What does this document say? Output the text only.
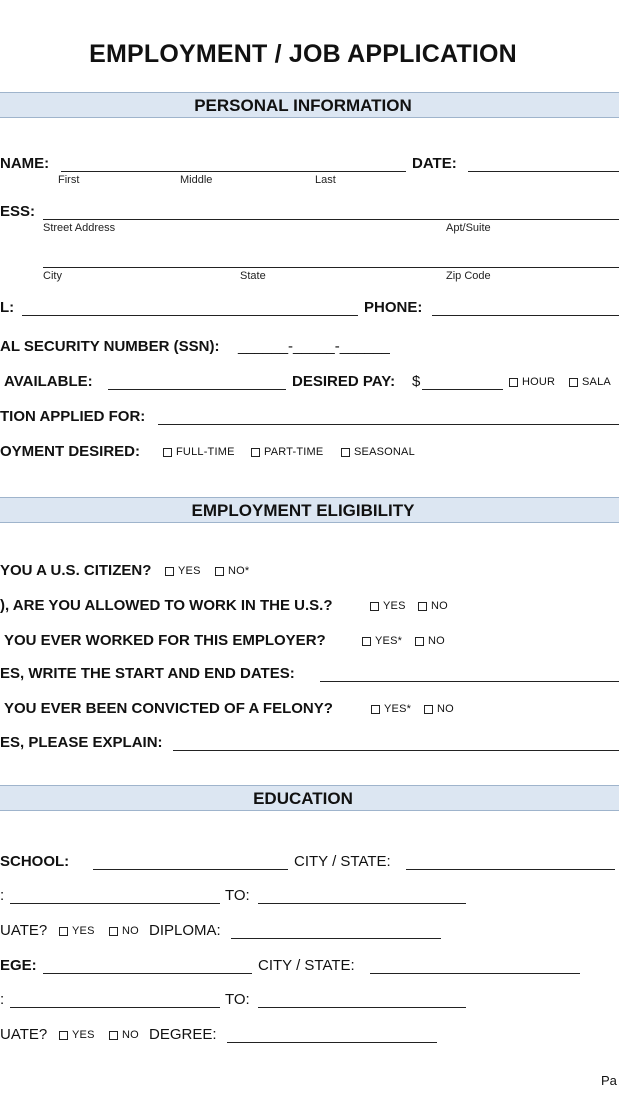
EMPLOYMENT / JOB APPLICATION
PERSONAL INFORMATION
NAME:
First	Middle	Last
DATE:
ESS:
Street Address	Apt/Suite
City	State	Zip Code
L:	PHONE:
AL SECURITY NUMBER (SSN): ______-_____-______
AVAILABLE:	DESIRED PAY: $	HOUR SALA
TION APPLIED FOR:
OYMENT DESIRED:	FULL-TIME	PART-TIME	SEASONAL
EMPLOYMENT ELIGIBILITY
YOU A U.S. CITIZEN? YES NO*
), ARE YOU ALLOWED TO WORK IN THE U.S.?	YES NO
YOU EVER WORKED FOR THIS EMPLOYER?	YES* NO
ES, WRITE THE START AND END DATES:
YOU EVER BEEN CONVICTED OF A FELONY?	YES* NO
ES, PLEASE EXPLAIN:
EDUCATION
SCHOOL:	CITY / STATE:
:	TO:
UATE? YES NO DIPLOMA:
EGE:	CITY / STATE:
:	TO:
UATE? YES NO DEGREE:
Pa
